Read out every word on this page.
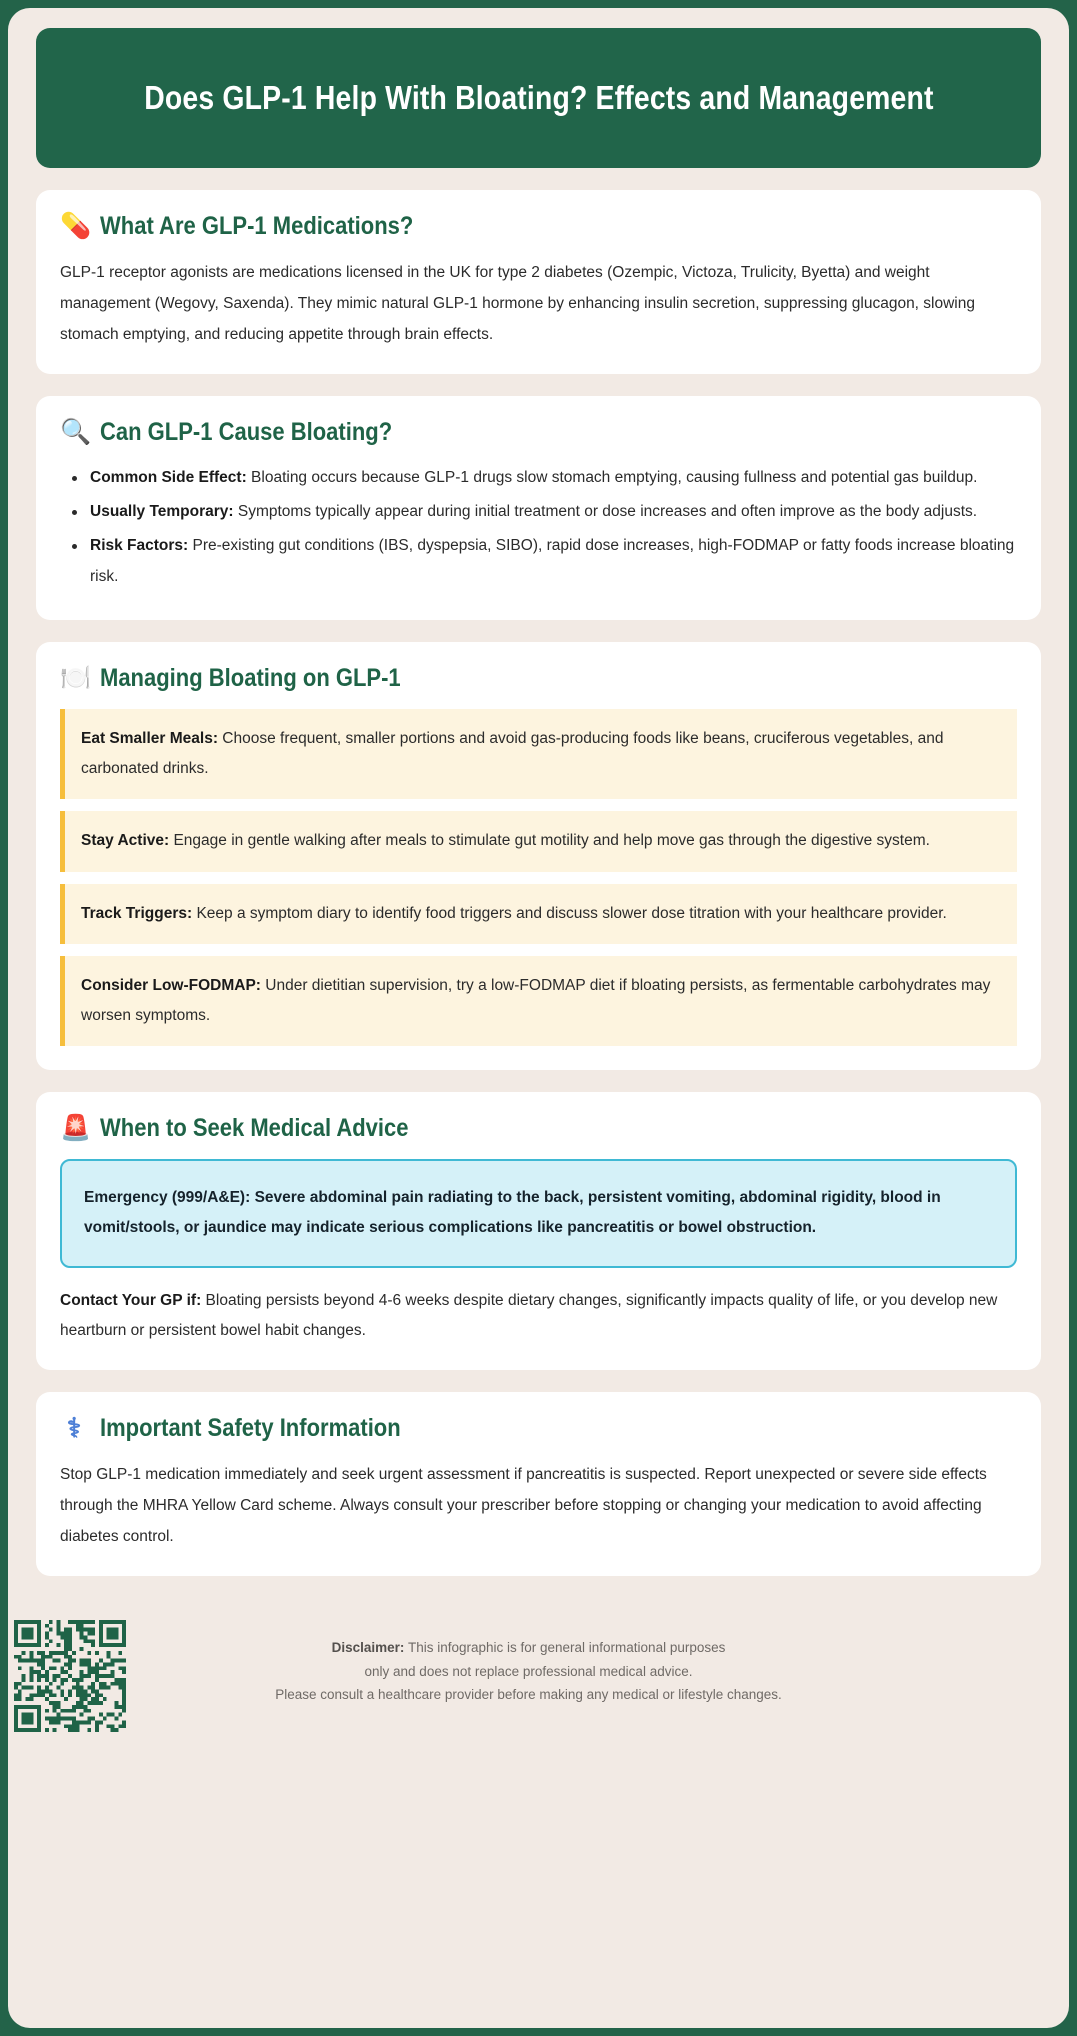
Does GLP-1 Help With Bloating? Effects and Management
💊 What Are GLP-1 Medications?

GLP-1 receptor agonists are medications licensed in the UK for type 2 diabetes (Ozempic, Victoza, Trulicity, Byetta) and weight management (Wegovy, Saxenda). They mimic natural GLP-1 hormone by enhancing insulin secretion, suppressing glucagon, slowing stomach emptying, and reducing appetite through brain effects.

🔍 Can GLP-1 Cause Bloating?
Common Side Effect: Bloating occurs because GLP-1 drugs slow stomach emptying, causing fullness and potential gas buildup.
Usually Temporary: Symptoms typically appear during initial treatment or dose increases and often improve as the body adjusts.
Risk Factors: Pre-existing gut conditions (IBS, dyspepsia, SIBO), rapid dose increases, high-FODMAP or fatty foods increase bloating risk.
🍽️ Managing Bloating on GLP-1
Eat Smaller Meals: Choose frequent, smaller portions and avoid gas-producing foods like beans, cruciferous vegetables, and carbonated drinks.
Stay Active: Engage in gentle walking after meals to stimulate gut motility and help move gas through the digestive system.
Track Triggers: Keep a symptom diary to identify food triggers and discuss slower dose titration with your healthcare provider.
Consider Low-FODMAP: Under dietitian supervision, try a low-FODMAP diet if bloating persists, as fermentable carbohydrates may worsen symptoms.
🚨 When to Seek Medical Advice
Emergency (999/A&E): Severe abdominal pain radiating to the back, persistent vomiting, abdominal rigidity, blood in vomit/stools, or jaundice may indicate serious complications like pancreatitis or bowel obstruction.

Contact Your GP if: Bloating persists beyond 4-6 weeks despite dietary changes, significantly impacts quality of life, or you develop new heartburn or persistent bowel habit changes.

⚕ Important Safety Information

Stop GLP-1 medication immediately and seek urgent assessment if pancreatitis is suspected. Report unexpected or severe side effects through the MHRA Yellow Card scheme. Always consult your prescriber before stopping or changing your medication to avoid affecting diabetes control.

Disclaimer: This infographic is for general informational purposes
only and does not replace professional medical advice.
Please consult a healthcare provider before making any medical or lifestyle changes.
